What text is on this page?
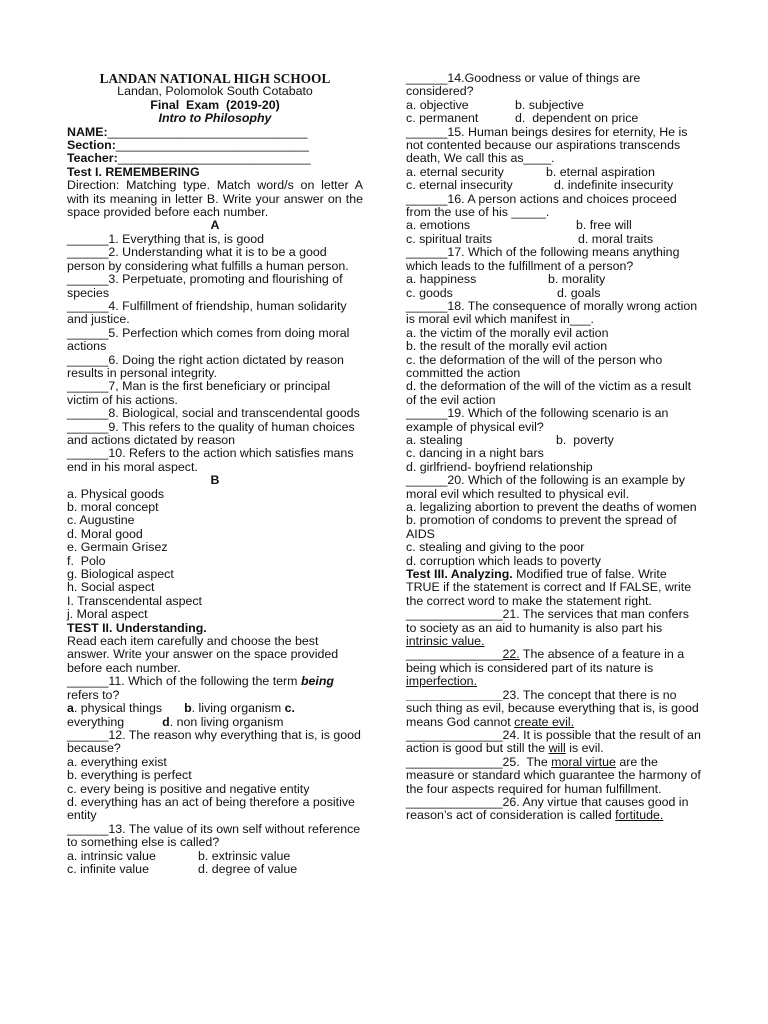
LANDAN NATIONAL HIGH SCHOOL
Landan, Polomolok South Cotabato
Final  Exam  (2019-20)
Intro to Philosophy
NAME:_____________________________
Section:____________________________
Teacher:____________________________
Test I. REMEMBERING
Direction: Matching type. Match word/s on letter A with its meaning in letter B. Write your answer on the space provided before each number.
A
______1. Everything that is, is good
______2. Understanding what it is to be a good person by considering what fulfills a human person.
______3. Perpetuate, promoting and flourishing of species
______4. Fulfillment of friendship, human solidarity and justice.
______5. Perfection which comes from doing moral actions
______6. Doing the right action dictated by reason results in personal integrity.
______7, Man is the first beneficiary or principal victim of his actions.
______8. Biological, social and transcendental goods
______9. This refers to the quality of human choices and actions dictated by reason
______10. Refers to the action which satisfies mans end in his moral aspect.
B
a. Physical goods
b. moral concept
c. Augustine
d. Moral good
e. Germain Grisez
f.  Polo
g. Biological aspect
h. Social aspect
I. Transcendental aspect
j. Moral aspect
TEST II. Understanding.
Read each item carefully and choose the best answer. Write your answer on the space provided before each number.
______11. Which of the following the term being refers to?
a. physical things b. living organism c.
everything	d. non living organism
______12. The reason why everything that is, is good because?
a. everything exist
b. everything is perfect
c. every being is positive and negative entity
d. everything has an act of being therefore a positive entity
______13. The value of its own self without reference to something else is called?
a. intrinsic value	b. extrinsic value
c. infinite value	d. degree of value
______14.Goodness or value of things are considered?
a. objective	b. subjective
c. permanent	d.  dependent on price
______15. Human beings desires for eternity, He is not contented because our aspirations transcends death, We call this as____.
a. eternal security	b. eternal aspiration
c. eternal insecurity	d. indefinite insecurity
______16. A person actions and choices proceed from the use of his _____.
a. emotions	b. free will
c. spiritual traits	d. moral traits
______17. Which of the following means anything which leads to the fulfillment of a person?
a. happiness	b. morality
c. goods	d. goals
______18. The consequence of morally wrong action is moral evil which manifest in___.
a. the victim of the morally evil action
b. the result of the morally evil action
c. the deformation of the will of the person who committed the action
d. the deformation of the will of the victim as a result of the evil action
______19. Which of the following scenario is an example of physical evil?
a. stealing	b.  poverty
c. dancing in a night bars
d. girlfriend- boyfriend relationship
______20. Which of the following is an example by moral evil which resulted to physical evil.
a. legalizing abortion to prevent the deaths of women
b. promotion of condoms to prevent the spread of AIDS
c. stealing and giving to the poor
d. corruption which leads to poverty
Test III. Analyzing. Modified true of false. Write TRUE if the statement is correct and If FALSE, write the correct word to make the statement right.
______________21. The services that man confers to society as an aid to humanity is also part his intrinsic value.
______________22. The absence of a feature in a being which is considered part of its nature is imperfection.
______________23. The concept that there is no such thing as evil, because everything that is, is good means God cannot create evil.
______________24. It is possible that the result of an action is good but still the will is evil.
______________25.  The moral virtue are the measure or standard which guarantee the harmony of the four aspects required for human fulfillment.
______________26. Any virtue that causes good in reason’s act of consideration is called fortitude.
